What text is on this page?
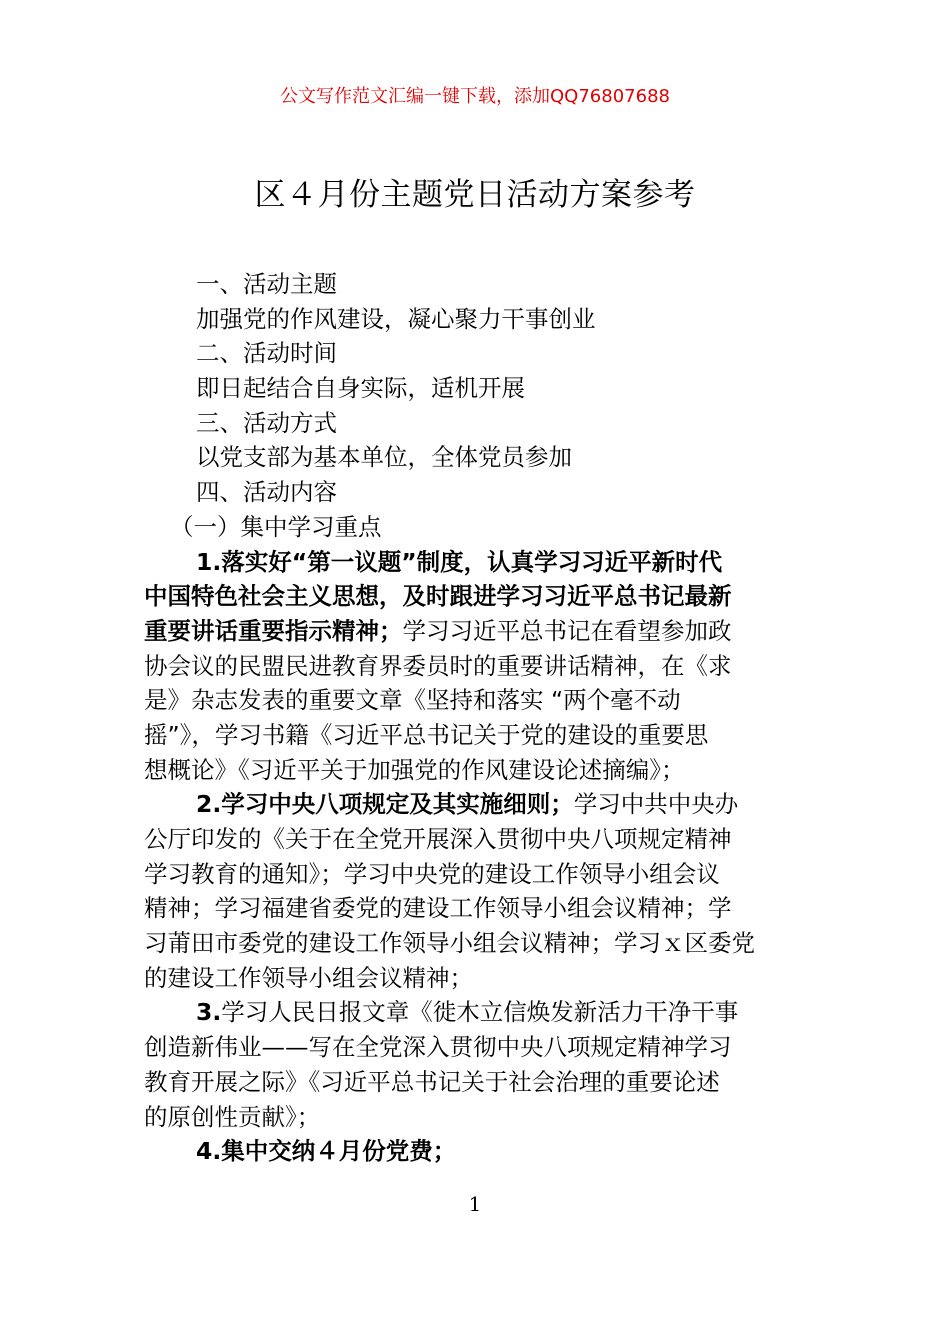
公文写作范文汇编一键下载，添加QQ76807688
区４月份主题党日活动方案参考
一、活动主题
加强党的作风建设，凝心聚力干事创业
二、活动时间
即日起结合自身实际，适机开展
三、活动方式
以党支部为基本单位，全体党员参加
四、活动内容
（一）集中学习重点
1.落实好“第一议题”制度，认真学习习近平新时代
中国特色社会主义思想，及时跟进学习习近平总书记最新
重要讲话重要指示精神；学习习近平总书记在看望参加政
协会议的民盟民进教育界委员时的重要讲话精神，在《求
是》杂志发表的重要文章《坚持和落实 “两个毫不动
摇”》，学习书籍《习近平总书记关于党的建设的重要思
想概论》《习近平关于加强党的作风建设论述摘编》；
2.学习中央八项规定及其实施细则；学习中共中央办
公厅印发的《关于在全党开展深入贯彻中央八项规定精神
学习教育的通知》；学习中央党的建设工作领导小组会议
精神；学习福建省委党的建设工作领导小组会议精神；学
习莆田市委党的建设工作领导小组会议精神；学习ｘ区委党
的建设工作领导小组会议精神；
3.学习人民日报文章《徙木立信焕发新活力干净干事
创造新伟业——写在全党深入贯彻中央八项规定精神学习
教育开展之际》《习近平总书记关于社会治理的重要论述
的原创性贡献》；
4.集中交纳４月份党费；
1
